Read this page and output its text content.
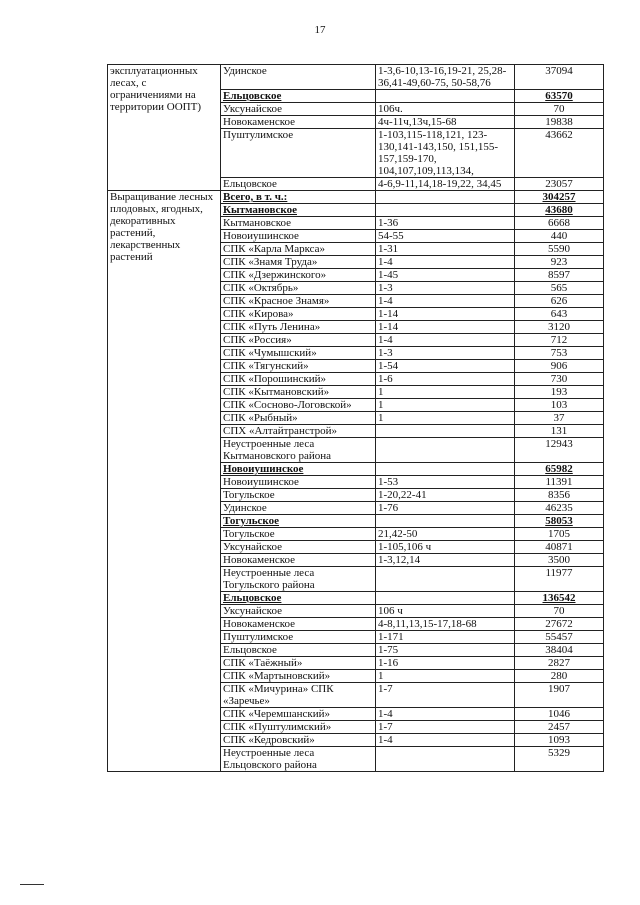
17
эксплуатационных лесах, с ограничениями на территории ООПТ)	Удинское	1-3,6-10,13-16,19-21, 25,28-36,41-49,60-75, 50-58,76	37094
	Ельцовское		63570
	Уксунайское	106ч.	70
	Новокаменское	4ч-11ч,13ч,15-68	19838
	Пуштулимское	1-103,115-118,121, 123-130,141-143,150, 151,155-157,159-170, 104,107,109,113,134,	43662
	Ельцовское	4-6,9-11,14,18-19,22, 34,45	23057
Выращивание лесных плодовых, ягодных, декоративных растений, лекарственных растений	Всего, в т. ч.:		304257
	Кытмановское		43680
	Кытмановское	1-36	6668
	Новоиушинское	54-55	440
	СПК «Карла Маркса»	1-31	5590
	СПК «Знамя Труда»	1-4	923
	СПК «Дзержинского»	1-45	8597
	СПК «Октябрь»	1-3	565
	СПК «Красное Знамя»	1-4	626
	СПК «Кирова»	1-14	643
	СПК «Путь Ленина»	1-14	3120
	СПК «Россия»	1-4	712
	СПК «Чумышский»	1-3	753
	СПК «Тягунский»	1-54	906
	СПК «Порошинский»	1-6	730
	СПК «Кытмановский»	1	193
	СПК «Сосново-Логовской»	1	103
	СПК «Рыбный»	1	37
	СПХ «Алтайтранстрой»		131
	Неустроенные леса Кытмановского района		12943
	Новоиушинское		65982
	Новоиушинское	1-53	11391
	Тогульское	1-20,22-41	8356
	Удинское	1-76	46235
	Тогульское		58053
	Тогульское	21,42-50	1705
	Уксунайское	1-105,106 ч	40871
	Новокаменское	1-3,12,14	3500
	Неустроенные леса Тогульского района		11977
	Ельцовское		136542
	Уксунайское	106 ч	70
	Новокаменское	4-8,11,13,15-17,18-68	27672
	Пуштулимское	1-171	55457
	Ельцовское	1-75	38404
	СПК «Таёжный»	1-16	2827
	СПК «Мартыновский»	1	280
	СПК «Мичурина» СПК «Заречье»	1-7	1907
	СПК «Черемшанский»	1-4	1046
	СПК «Пуштулимский»	1-7	2457
	СПК «Кедровский»	1-4	1093
	Неустроенные леса Ельцовского района		5329
